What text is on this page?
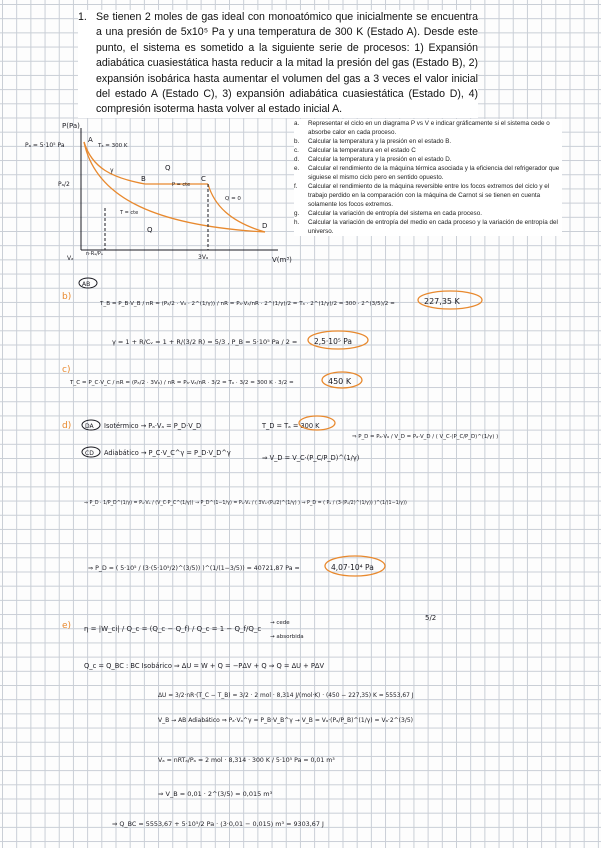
1. Se tienen 2 moles de gas ideal con monoatómico que inicialmente se encuentra a una presión de 5x10⁵ Pa y una temperatura de 300 K (Estado A). Desde este punto, el sistema es sometido a la siguiente serie de procesos: 1) Expansión adiabática cuasiestática hasta reducir a la mitad la presión del gas (Estado B), 2) expansión isobárica hasta aumentar el volumen del gas a 3 veces el valor inicial del estado A (Estado C), 3) expansión adiabática cuasiestática (Estado D), 4) compresión isoterma hasta volver al estado inicial A.
a.	Representar el ciclo en un diagrama P vs V e indicar gráficamente si el sistema cede o absorbe calor en cada proceso.
b.	Calcular la temperatura y la presión en el estado B.
c.	Calcular la temperatura en el estado C
d.	Calcular la temperatura y la presión en el estado D.
e.	Calcular el rendimiento de la máquina térmica asociada y la eficiencia del refrigerador que siguiese el mismo ciclo pero en sentido opuesto.
f.	Calcular el rendimiento de la máquina reversible entre los focos extremos del ciclo y el trabajo perdido en la comparación con la máquina de Carnot si se tienen en cuenta solamente los focos extremos.
g.	Calcular la variación de entropía del sistema en cada proceso.
h.	Calcular la variación de entropía del medio en cada proceso y la variación de entropía del universo.
P(Pa)
V(m³)
Pₐ = 5·10⁵ Pa
Pₐ/2
A
B	C
D
Tₐ = 300 K
γ	Q
Q
Q = 0
P = cte
T = cte
Vₐ
n·Rₐ/Pₐ	3Vₐ
b)
AB
T_B = P_B·V_B / nR = (Pₐ/2 · Vₐ · 2^(1/γ)) / nR = Pₐ·Vₐ/nR · 2^(1/γ)/2 = Tₐ · 2^(1/γ)/2 = 300 · 2^(3/5)/2 =	227,35 K
γ = 1 + R/Cᵥ = 1 + R/(3/2 R) = 5/3 , P_B = 5·10⁵ Pa / 2 = 2,5·10⁵ Pa
c)
T_C = P_C·V_C / nR = (Pₐ/2 · 3Vₐ) / nR = Pₐ·Vₐ/nR · 3/2 = Tₐ · 3/2 = 300 K · 3/2 =	450 K
d) DA Isotérmico → Pₐ·Vₐ = P_D·V_D	T_D = Tₐ = 300 K
⇒ P_D = Pₐ·Vₐ / V_D = Pₐ·V_D / ( V_C·(P_C/P_D)^(1/γ) )
CD Adiabático → P_C·V_C^γ = P_D·V_D^γ
⇒ V_D = V_C·(P_C/P_D)^(1/γ)
⇒ P_D · 1/P_D^(1/γ) = Pₐ·Vₐ / (V_C·P_C^(1/γ)) → P_D^(1−1/γ) = Pₐ·Vₐ / ( 3Vₐ·(Pₐ/2)^(1/γ) ) ⇒ P_D = ( Pₐ / (3·(Pₐ/2)^(1/γ)) )^(1/(1−1/γ))
⇒ P_D = ( 5·10⁵ / (3·(5·10⁵/2)^(3/5)) )^(1/(1−3/5)) = 40721,87 Pa =	4,07·10⁴ Pa
e) η = |W_ci| / Q_c = (Q_c − Q_f) / Q_c = 1 − Q_f/Q_c
→ cede
→ absorbida
5/2
Q_c = Q_BC : BC Isobárico ⇒ ΔU = W + Q = −PΔV + Q ⇒ Q = ΔU + PΔV
ΔU = 3/2·nR·(T_C − T_B) = 3/2 · 2 mol · 8,314 J/(mol·K) · (450 − 227,35) K = 5553,67 J
V_B → AB Adiabático ⇒ Pₐ·Vₐ^γ = P_B·V_B^γ → V_B = Vₐ·(Pₐ/P_B)^(1/γ) = Vₐ·2^(3/5)
Vₐ = nRTₐ/Pₐ = 2 mol · 8,314 · 300 K / 5·10⁵ Pa = 0,01 m³
⇒ V_B = 0,01 · 2^(3/5) = 0,015 m³
⇒ Q_BC = 5553,67 + 5·10⁵/2 Pa · (3·0,01 − 0,015) m³ = 9303,67 J
